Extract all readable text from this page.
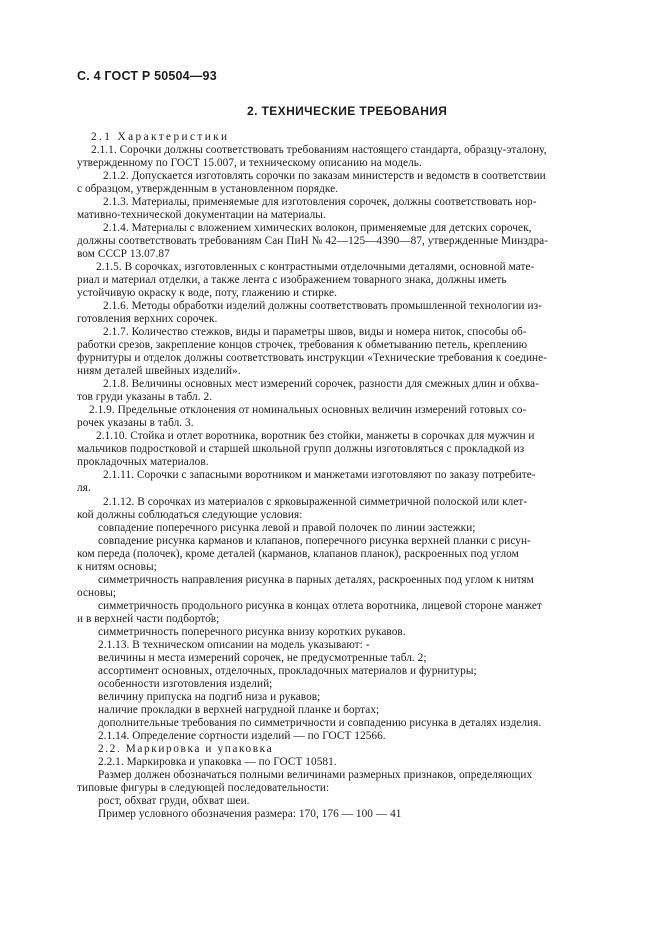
С. 4 ГОСТ Р 50504—93
2. ТЕХНИЧЕСКИЕ ТРЕБОВАНИЯ
2.1 Характеристики
2.1.1. Сорочки должны соответствовать требованиям настоящего стандарта, образцу-эталону,
утвержденному по ГОСТ 15.007, и техническому описанию на модель.
2.1.2. Допускается изготовлять сорочки по заказам министерств и ведомств в соответствии
с образцом, утвержденным в установленном порядке.
2.1.3. Материалы, применяемые для изготовления сорочек, должны соответствовать нор-
мативно-технической документации на материалы.
2.1.4. Материалы с вложением химических волокон, применяемые для детских сорочек,
должны соответствовать требованиям Сан ПиН № 42—125—4390—87, утвержденные Минздра-
вом СССР 13.07.87
2.1.5. В сорочках, изготовленных с контрастными отделочными деталями, основной мате-
риал и материал отделки, а также лента с изображением товарного знака, должны иметь
устойчивую окраску к воде, поту, глажению и стирке.
2.1.6. Методы обработки изделий должны соответствовать промышленной технологии из-
готовления верхних сорочек.
2.1.7. Количество стежков, виды и параметры швов, виды и номера ниток, способы об-
работки срезов, закрепление концов строчек, требования к обметыванию петель, креплению
фурнитуры и отделок должны соответствовать инструкции «Технические требования к соедине-
ниям деталей швейных изделий».
2.1.8. Величины основных мест измерений сорочек, разности для смежных длин и обхва-
тов груди указаны в табл. 2.
2.1.9. Предельные отклонения от номинальных основных величин измерений готовых со-
рочек указаны в табл. 3.
2.1.10. Стойка и отлет воротника, воротник без стойки, манжеты в сорочках для мужчин и
мальчиков подростковой и старшей школьной групп должны изготовляться с прокладкой из
прокладочных материалов.
2.1.11. Сорочки с запасными воротником и манжетами изготовляют по заказу потребите-
ля.
2.1.12. В сорочках из материалов с ярковыраженной симметричной полоской или клет-
кой должны соблюдаться следующие условия:
совпадение поперечного рисунка левой и правой полочек по линии застежки;
совпадение рисунка карманов и клапанов, поперечного рисунка верхней планки с рисун-
ком переда (полочек), кроме деталей (карманов, клапанов планок), раскроенных под углом
к нитям основы;
симметричность направления рисунка в парных деталях, раскроенных под углом к нитям
основы;
симметричность продольного рисунка в концах отлета воротника, лицевой стороне манжет
и в верхней части подборто̂в;
симметричность поперечного рисунка внизу коротких рукавов.
2.1.13. В техническом описании на модель указывают: -
величины н места измерений сорочек, не предусмотренные табл. 2;
ассортимент основных, отделочных, прокладочных материалов и фурнитуры;
особенности изготовления изделий;
величину припуска на подгиб низа и рукавов;
наличие прокладки в верхней нагрудной планке и бортах;
дополнительные требования по симметричности и совпадению рисунка в деталях изделия.
2.1.14. Определение сортности изделий — по ГОСТ 12566.
2.2. Маркировка и упаковка
2.2.1. Маркировка и упаковка — по ГОСТ 10581.
Размер должен обозначаться полными величинами размерных признаков, определяющих
типовые фигуры в следующей последовательности:
рост, обхват груди, обхват шеи.
Пример условного обозначения размера: 170, 176 — 100 — 41
